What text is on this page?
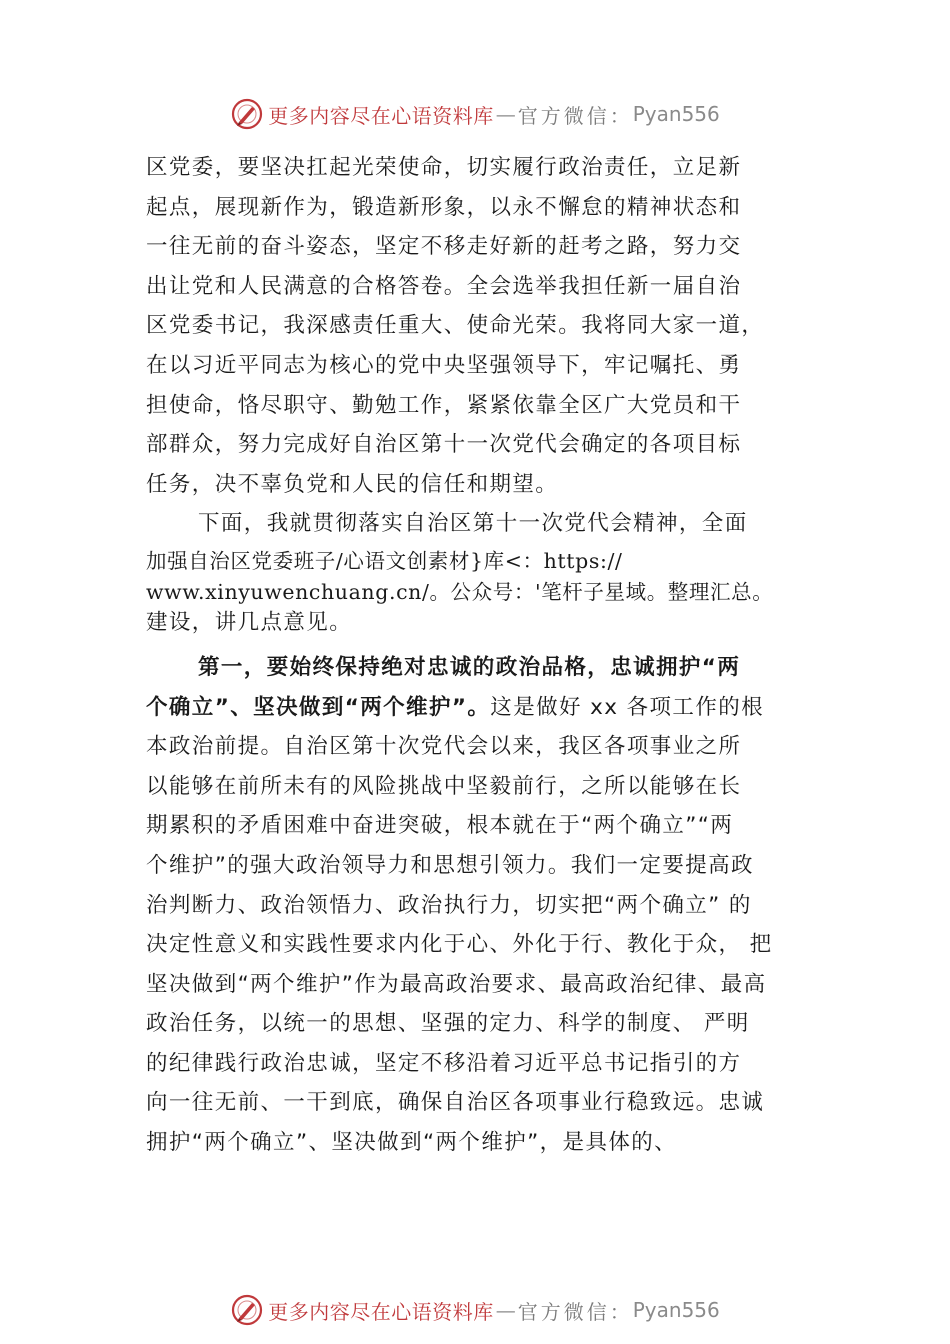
更多内容尽在心语资料库 — 官方微信： Pyan556
区党委，要坚决扛起光荣使命，切实履行政治责任，立足新
起点，展现新作为，锻造新形象，以永不懈怠的精神状态和
一往无前的奋斗姿态，坚定不移走好新的赶考之路，努力交
出让党和人民满意的合格答卷。全会选举我担任新一届自治
区党委书记，我深感责任重大、使命光荣。我将同大家一道，
在以习近平同志为核心的党中央坚强领导下，牢记嘱托、勇
担使命，恪尽职守、勤勉工作，紧紧依靠全区广大党员和干
部群众，努力完成好自治区第十一次党代会确定的各项目标
任务，决不辜负党和人民的信任和期望。
下面，我就贯彻落实自治区第十一次党代会精神，全面
加强自治区党委班子/心语文创素材}库<：https://
www.xinyuwenchuang.cn/。公众号：'笔杆子星域。整理汇总。
建设，讲几点意见。
第一，要始终保持绝对忠诚的政治品格，忠诚拥护“两
个确立”、坚决做到“两个维护”。这是做好 xx 各项工作的根
本政治前提。自治区第十次党代会以来，我区各项事业之所
以能够在前所未有的风险挑战中坚毅前行，之所以能够在长
期累积的矛盾困难中奋进突破，根本就在于“两个确立”“两
个维护”的强大政治领导力和思想引领力。我们一定要提高政
治判断力、政治领悟力、政治执行力，切实把“两个确立” 的
决定性意义和实践性要求内化于心、外化于行、教化于众， 把
坚决做到“两个维护”作为最高政治要求、最高政治纪律、最高
政治任务，以统一的思想、坚强的定力、科学的制度、 严明
的纪律践行政治忠诚，坚定不移沿着习近平总书记指引的方
向一往无前、一干到底，确保自治区各项事业行稳致远。忠诚
拥护“两个确立”、坚决做到“两个维护”，是具体的、
更多内容尽在心语资料库 — 官方微信： Pyan556
